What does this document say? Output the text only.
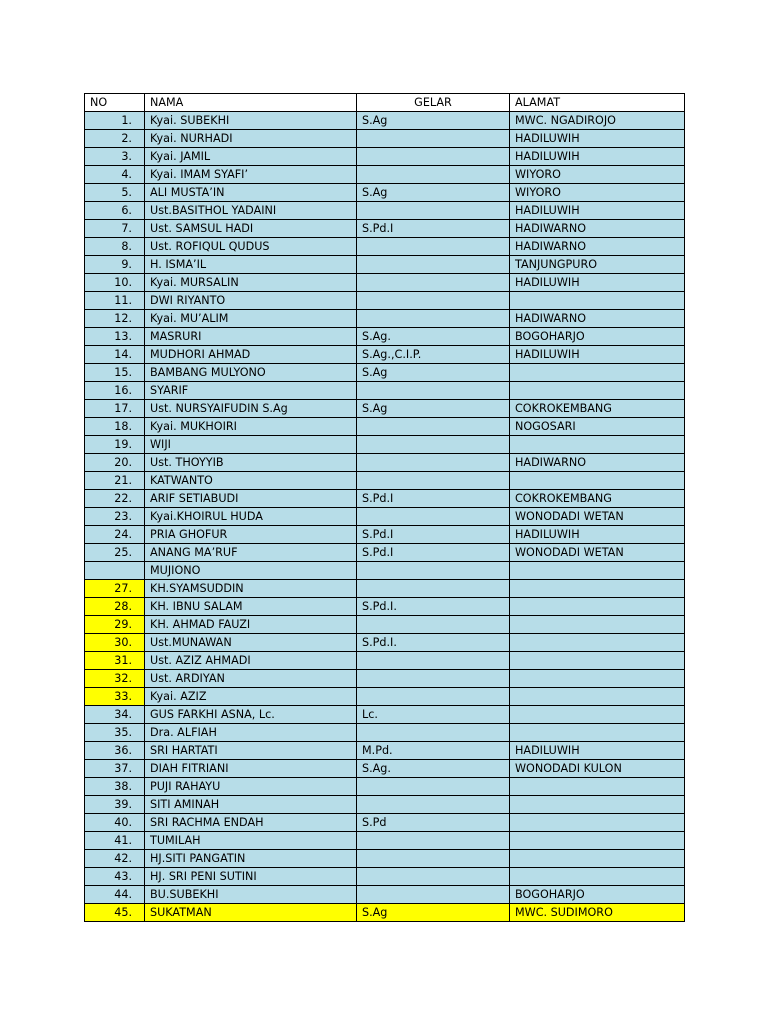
NO	NAMA	GELAR	ALAMAT
1.	Kyai. SUBEKHI	S.Ag	MWC. NGADIROJO
2.	Kyai. NURHADI		HADILUWIH
3.	Kyai. JAMIL		HADILUWIH
4.	Kyai. IMAM SYAFI’		WIYORO
5.	ALI MUSTA’IN	S.Ag	WIYORO
6.	Ust.BASITHOL YADAINI		HADILUWIH
7.	Ust. SAMSUL HADI	S.Pd.I	HADIWARNO
8.	Ust. ROFIQUL QUDUS		HADIWARNO
9.	H. ISMA’IL		TANJUNGPURO
10.	Kyai. MURSALIN		HADILUWIH
11.	DWI RIYANTO		
12.	Kyai. MU’ALIM		HADIWARNO
13.	MASRURI	S.Ag.	BOGOHARJO
14.	MUDHORI AHMAD	S.Ag.,C.I.P.	HADILUWIH
15.	BAMBANG MULYONO	S.Ag	
16.	SYARIF		
17.	Ust. NURSYAIFUDIN S.Ag	S.Ag	COKROKEMBANG
18.	Kyai. MUKHOIRI		NOGOSARI
19.	WIJI		
20.	Ust. THOYYIB		HADIWARNO
21.	KATWANTO		
22.	ARIF SETIABUDI	S.Pd.I	COKROKEMBANG
23.	Kyai.KHOIRUL HUDA		WONODADI WETAN
24.	PRIA GHOFUR	S.Pd.I	HADILUWIH
25.	ANANG MA’RUF	S.Pd.I	WONODADI WETAN
	MUJIONO		
27.	KH.SYAMSUDDIN		
28.	KH. IBNU SALAM	S.Pd.I.	
29.	KH. AHMAD FAUZI		
30.	Ust.MUNAWAN	S.Pd.I.	
31.	Ust. AZIZ AHMADI		
32.	Ust. ARDIYAN		
33.	Kyai. AZIZ		
34.	GUS FARKHI ASNA, Lc.	Lc.	
35.	Dra. ALFIAH		
36.	SRI HARTATI	M.Pd.	HADILUWIH
37.	DIAH FITRIANI	S.Ag.	WONODADI KULON
38.	PUJI RAHAYU		
39.	SITI AMINAH		
40.	SRI RACHMA ENDAH	S.Pd	
41.	TUMILAH		
42.	HJ.SITI PANGATIN		
43.	HJ. SRI PENI SUTINI		
44.	BU.SUBEKHI		BOGOHARJO
45.	SUKATMAN	S.Ag	MWC. SUDIMORO
